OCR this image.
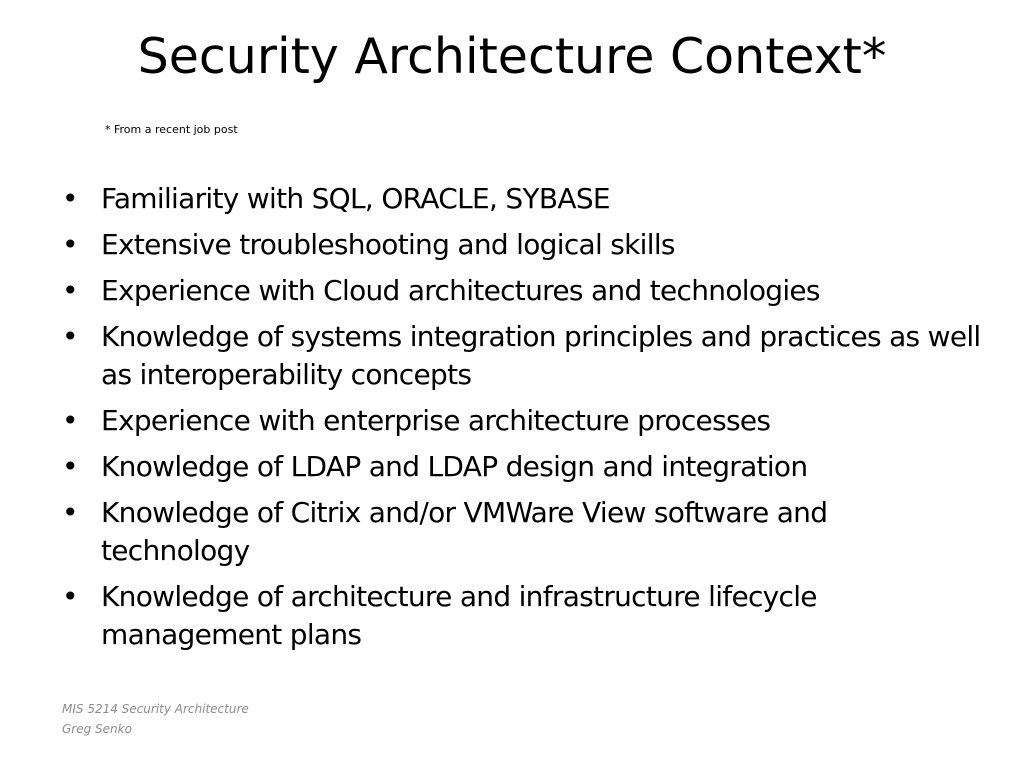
Security Architecture Context*
* From a recent job post
• Familiarity with SQL, ORACLE, SYBASE
• Extensive troubleshooting and logical skills
• Experience with Cloud architectures and technologies
• Knowledge of systems integration principles and practices as well as interoperability concepts
• Experience with enterprise architecture processes
• Knowledge of LDAP and LDAP design and integration
• Knowledge of Citrix and/or VMWare View software and technology
• Knowledge of architecture and infrastructure lifecycle management plans
MIS 5214 Security Architecture
Greg Senko
